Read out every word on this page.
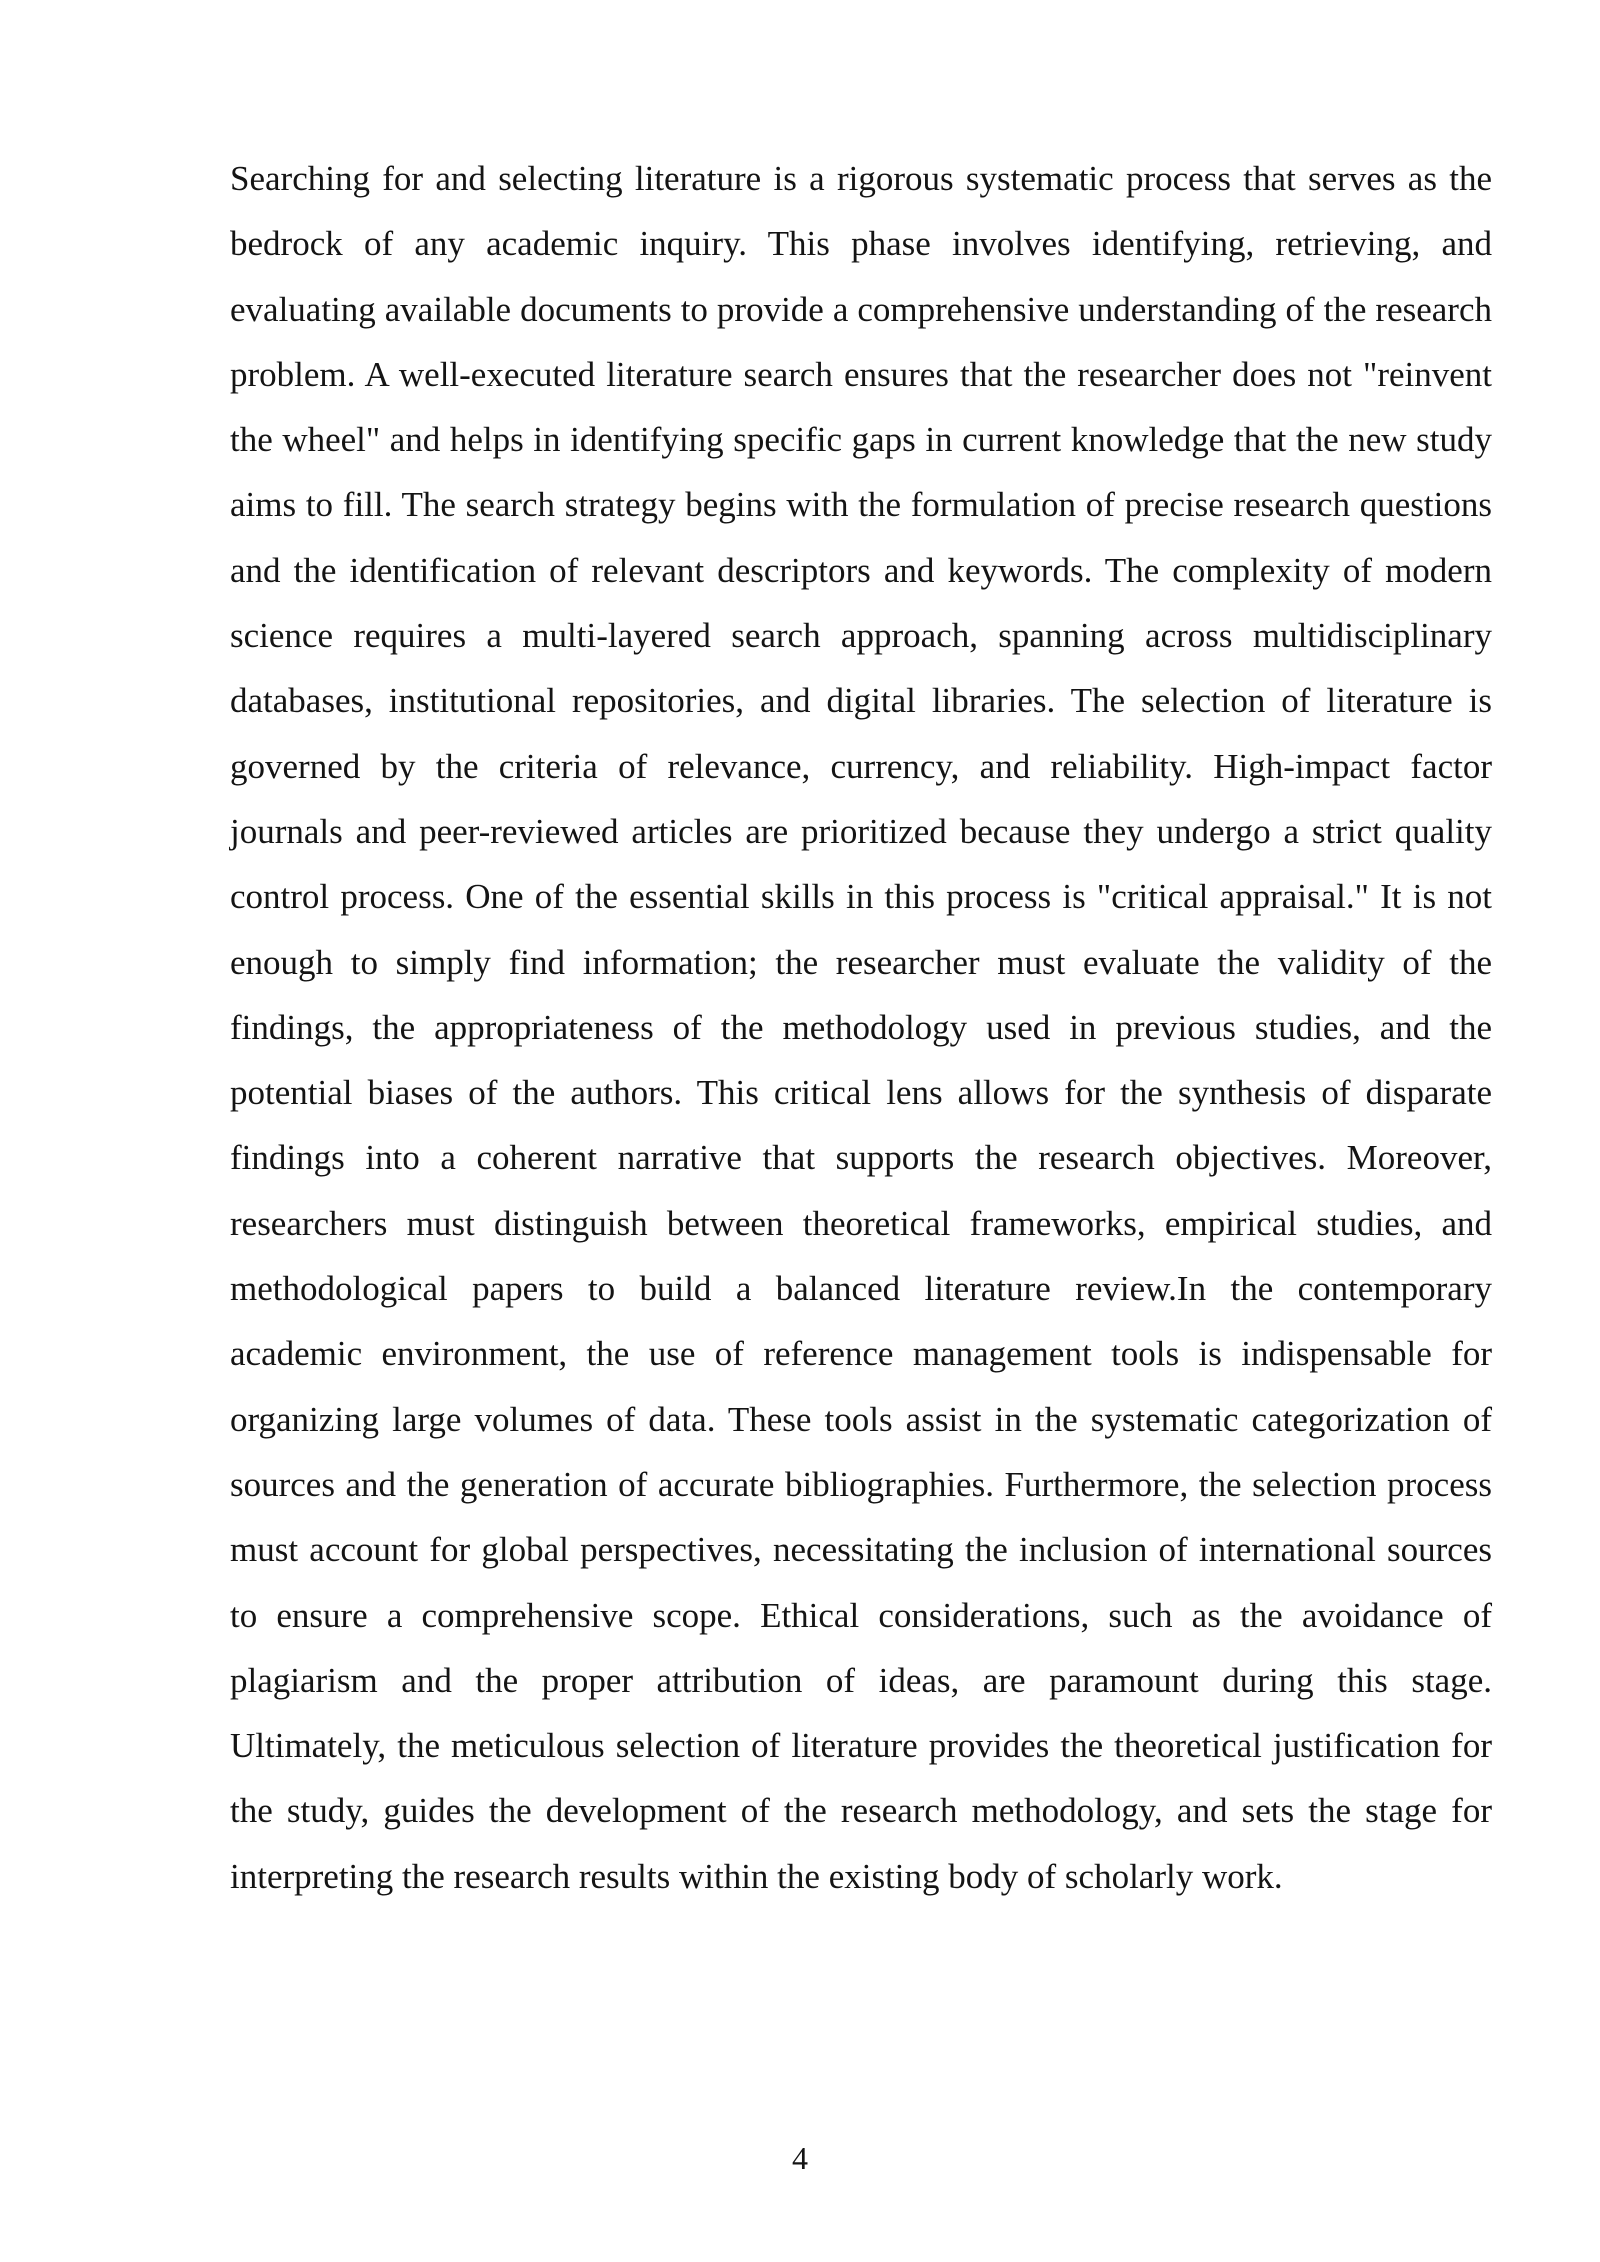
Searching for and selecting literature is a rigorous systematic process that serves as the bedrock of any academic inquiry. This phase involves identifying, retrieving, and evaluating available documents to provide a comprehensive understanding of the research problem. A well-executed literature search ensures that the researcher does not "reinvent the wheel" and helps in identifying specific gaps in current knowledge that the new study aims to fill. The search strategy begins with the formulation of precise research questions and the identification of relevant descriptors and keywords. The complexity of modern science requires a multi-layered search approach, spanning across multidisciplinary databases, institutional repositories, and digital libraries. The selection of literature is governed by the criteria of relevance, currency, and reliability. High-impact factor journals and peer-reviewed articles are prioritized because they undergo a strict quality control process. One of the essential skills in this process is "critical appraisal." It is not enough to simply find information; the researcher must evaluate the validity of the findings, the appropriateness of the methodology used in previous studies, and the potential biases of the authors. This critical lens allows for the synthesis of disparate findings into a coherent narrative that supports the research objectives. Moreover, researchers must distinguish between theoretical frameworks, empirical studies, and methodological papers to build a balanced literature review.In the contemporary academic environment, the use of reference management tools is indispensable for organizing large volumes of data. These tools assist in the systematic categorization of sources and the generation of accurate bibliographies. Furthermore, the selection process must account for global perspectives, necessitating the inclusion of international sources to ensure a comprehensive scope. Ethical considerations, such as the avoidance of plagiarism and the proper attribution of ideas, are paramount during this stage. Ultimately, the meticulous selection of literature provides the theoretical justification for the study, guides the development of the research methodology, and sets the stage for interpreting the research results within the existing body of scholarly work.

4
